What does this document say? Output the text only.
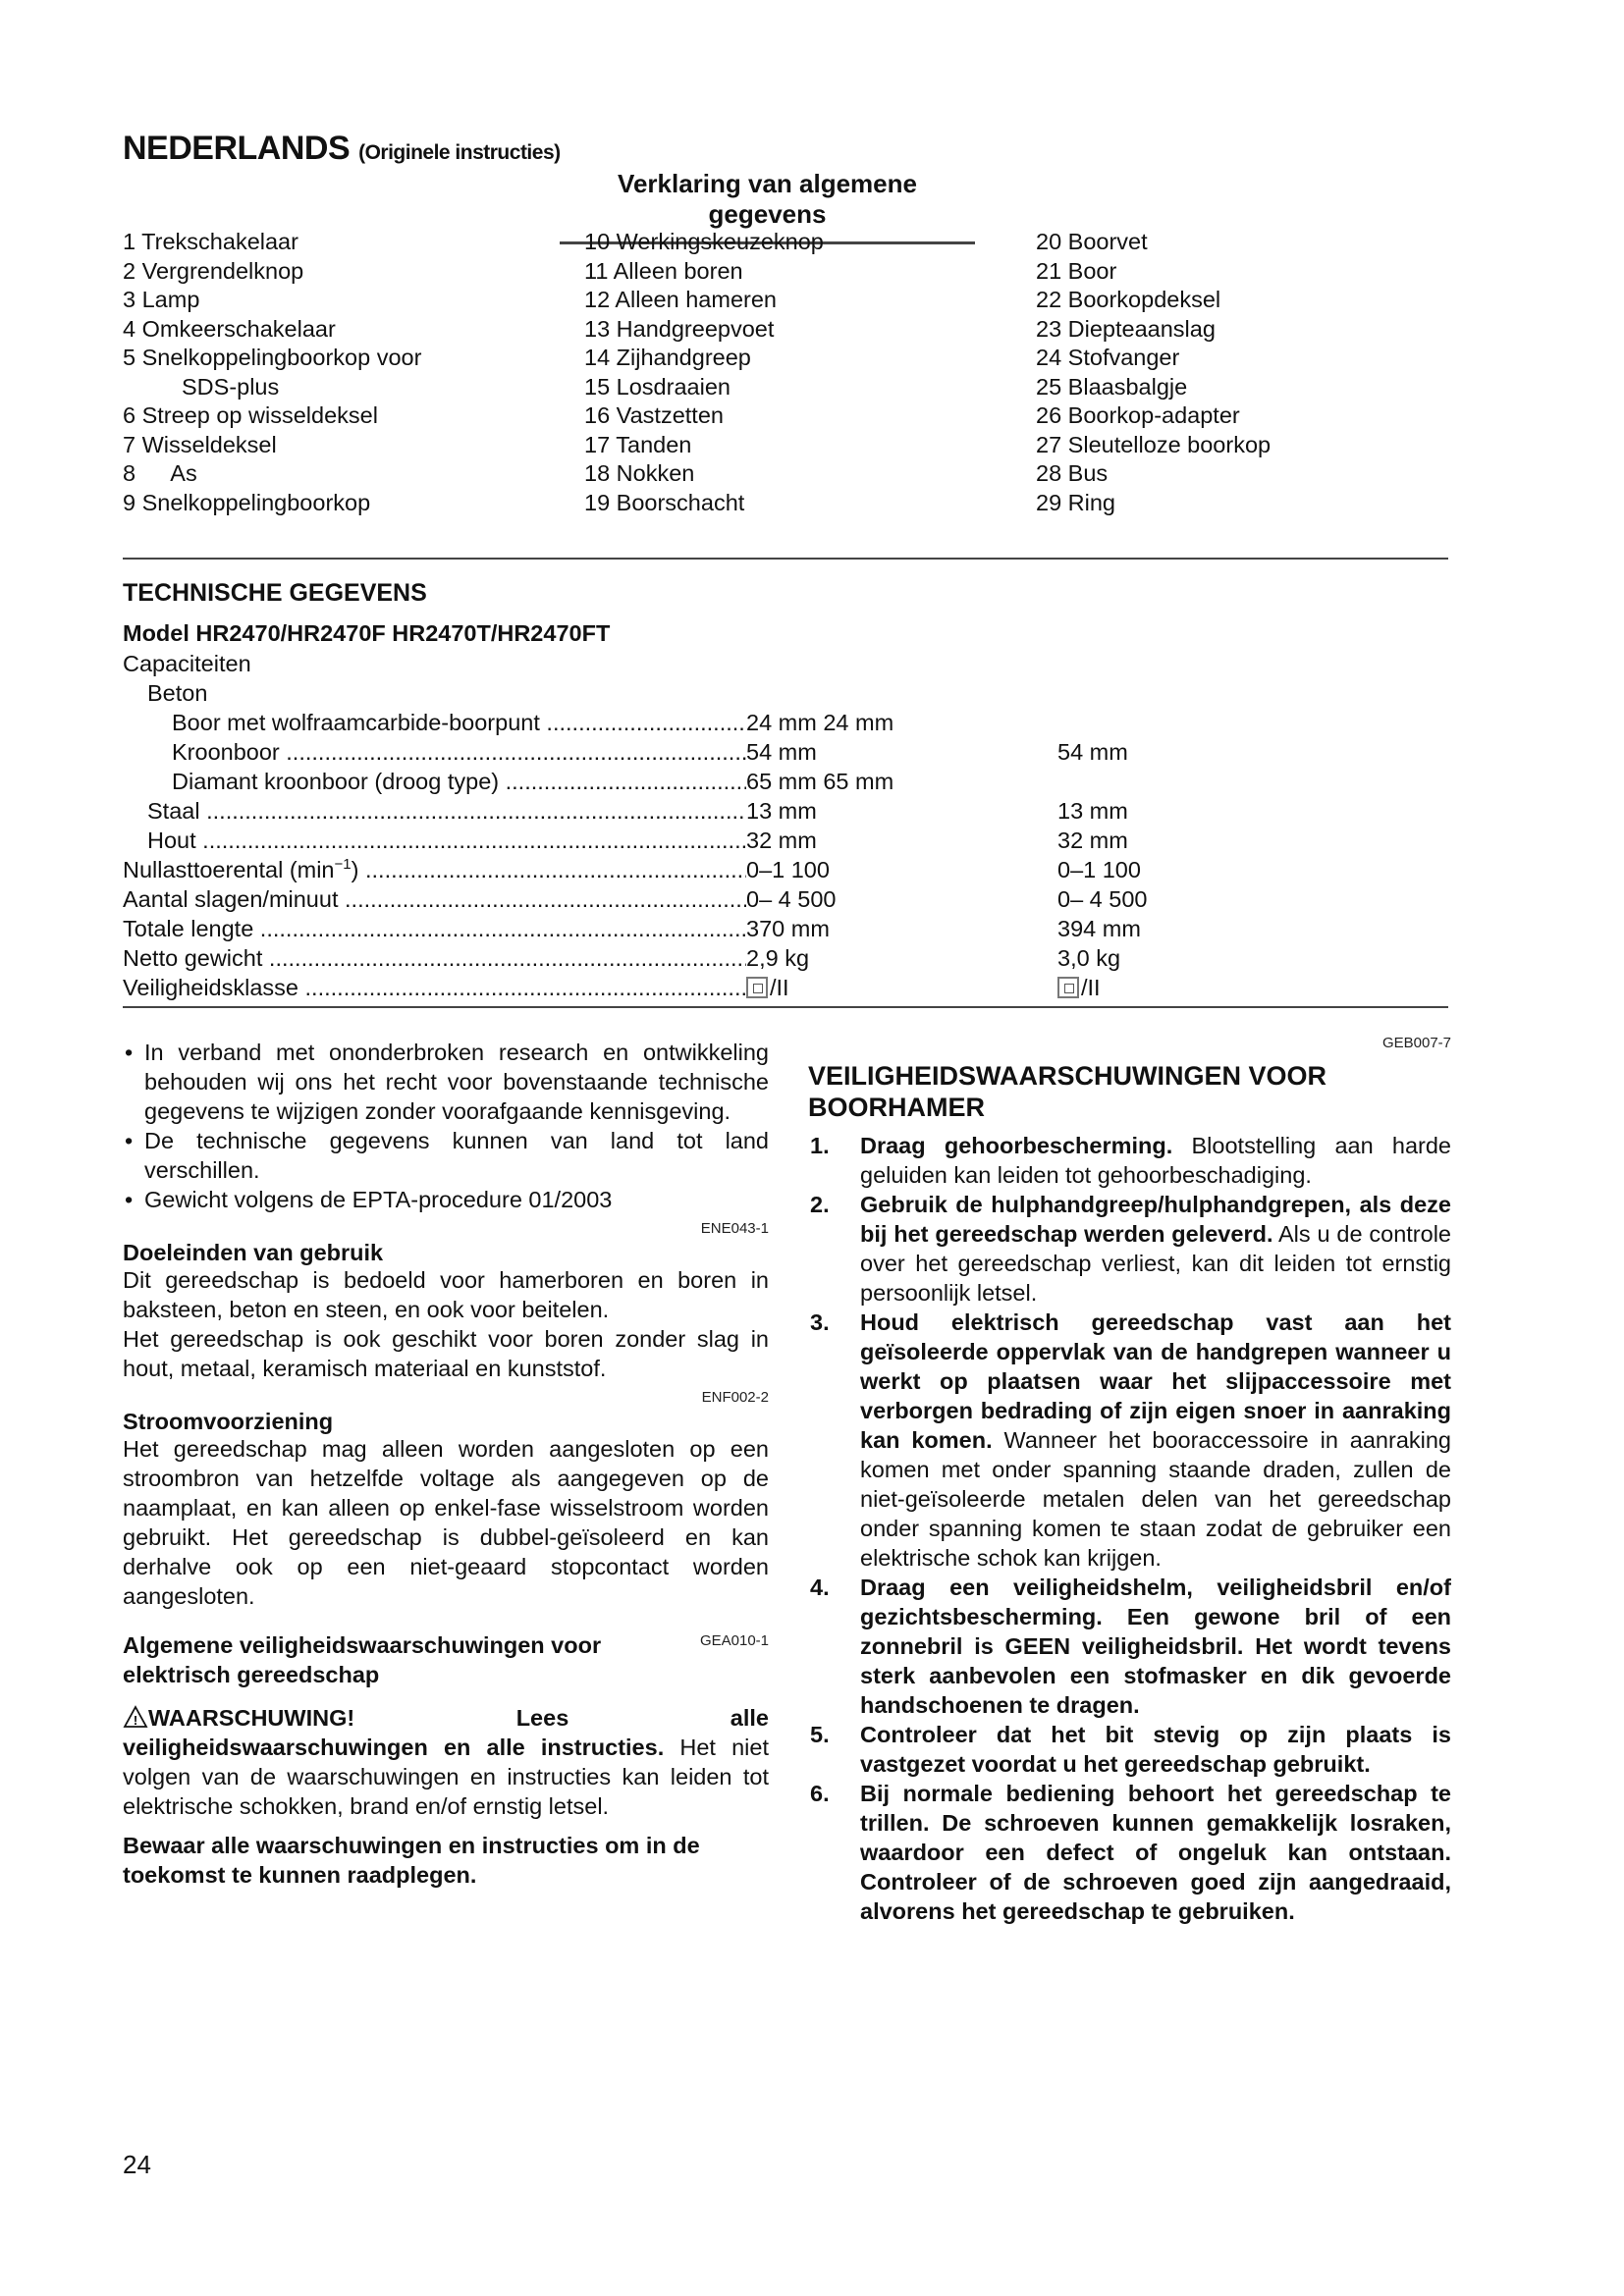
NEDERLANDS (Originele instructies)
Verklaring van algemene gegevens
1 Trekschakelaar
2 Vergrendelknop
3 Lamp
4 Omkeerschakelaar
5 Snelkoppelingboorkop voor
SDS-plus
6 Streep op wisseldeksel
7 Wisseldeksel
8 As
9 Snelkoppelingboorkop
10 Werkingskeuzeknop
11 Alleen boren
12 Alleen hameren
13 Handgreepvoet
14 Zijhandgreep
15 Losdraaien
16 Vastzetten
17 Tanden
18 Nokken
19 Boorschacht
20 Boorvet
21 Boor
22 Boorkopdeksel
23 Diepteaanslag
24 Stofvanger
25 Blaasbalgje
26 Boorkop-adapter
27 Sleutelloze boorkop
28 Bus
29 Ring
TECHNISCHE GEGEVENS
Model HR2470/HR2470F HR2470T/HR2470FT
Capaciteiten
Beton
Boor met wolfraamcarbide-boorpunt .....	24 mm 24 mm
Kroonboor .....	54 mm	54 mm
Diamant kroonboor (droog type) .....	65 mm 65 mm
Staal .....	13 mm	13 mm
Hout .....	32 mm	32 mm
Nullasttoerental $(\min^{-1})$ .....	0–1 100	0–1 100
Aantal slagen/minuut .....	0– 4 500	0– 4 500
Totale lengte .....	370 mm	394 mm
Netto gewicht .....	2,9 kg	3,0 kg
Veiligheidsklasse .....	/II	/II
• In verband met ononderbroken research en ontwikkeling behouden wij ons het recht voor bovenstaande technische gegevens te wijzigen zonder voorafgaande kennisgeving.
• De technische gegevens kunnen van land tot land verschillen.
• Gewicht volgens de EPTA-procedure 01/2003
ENE043-1
Doeleinden van gebruik
Dit gereedschap is bedoeld voor hamerboren en boren in baksteen, beton en steen, en ook voor beitelen.
Het gereedschap is ook geschikt voor boren zonder slag in hout, metaal, keramisch materiaal en kunststof.
ENF002-2
Stroomvoorziening
Het gereedschap mag alleen worden aangesloten op een stroombron van hetzelfde voltage als aangegeven op de naamplaat, en kan alleen op enkel-fase wisselstroom worden gebruikt. Het gereedschap is dubbel-geïsoleerd en kan derhalve ook op een niet-geaard stopcontact worden aangesloten.
Algemene veiligheidswaarschuwingen voor elektrisch gereedschap
GEA010-1
! WAARSCHUWING! Lees alle veiligheidswaarschuwingen en alle instructies. Het niet volgen van de waarschuwingen en instructies kan leiden tot elektrische schokken, brand en/of ernstig letsel.
Bewaar alle waarschuwingen en instructies om in de toekomst te kunnen raadplegen.
GEB007-7
VEILIGHEIDSWAARSCHUWINGEN VOOR BOORHAMER
1. Draag gehoorbescherming. Blootstelling aan harde geluiden kan leiden tot gehoorbeschadiging.
2. Gebruik de hulphandgreep/hulphandgrepen, als deze bij het gereedschap werden geleverd. Als u de controle over het gereedschap verliest, kan dit leiden tot ernstig persoonlijk letsel.
3. Houd elektrisch gereedschap vast aan het geïsoleerde oppervlak van de handgrepen wanneer u werkt op plaatsen waar het slijpaccessoire met verborgen bedrading of zijn eigen snoer in aanraking kan komen. Wanneer het booraccessoire in aanraking komen met onder spanning staande draden, zullen de niet-geïsoleerde metalen delen van het gereedschap onder spanning komen te staan zodat de gebruiker een elektrische schok kan krijgen.
4. Draag een veiligheidshelm, veiligheidsbril en/of gezichtsbescherming. Een gewone bril of een zonnebril is GEEN veiligheidsbril. Het wordt tevens sterk aanbevolen een stofmasker en dik gevoerde handschoenen te dragen.
5. Controleer dat het bit stevig op zijn plaats is vastgezet voordat u het gereedschap gebruikt.
6. Bij normale bediening behoort het gereedschap te trillen. De schroeven kunnen gemakkelijk losraken, waardoor een defect of ongeluk kan ontstaan. Controleer of de schroeven goed zijn aangedraaid, alvorens het gereedschap te gebruiken.
24
